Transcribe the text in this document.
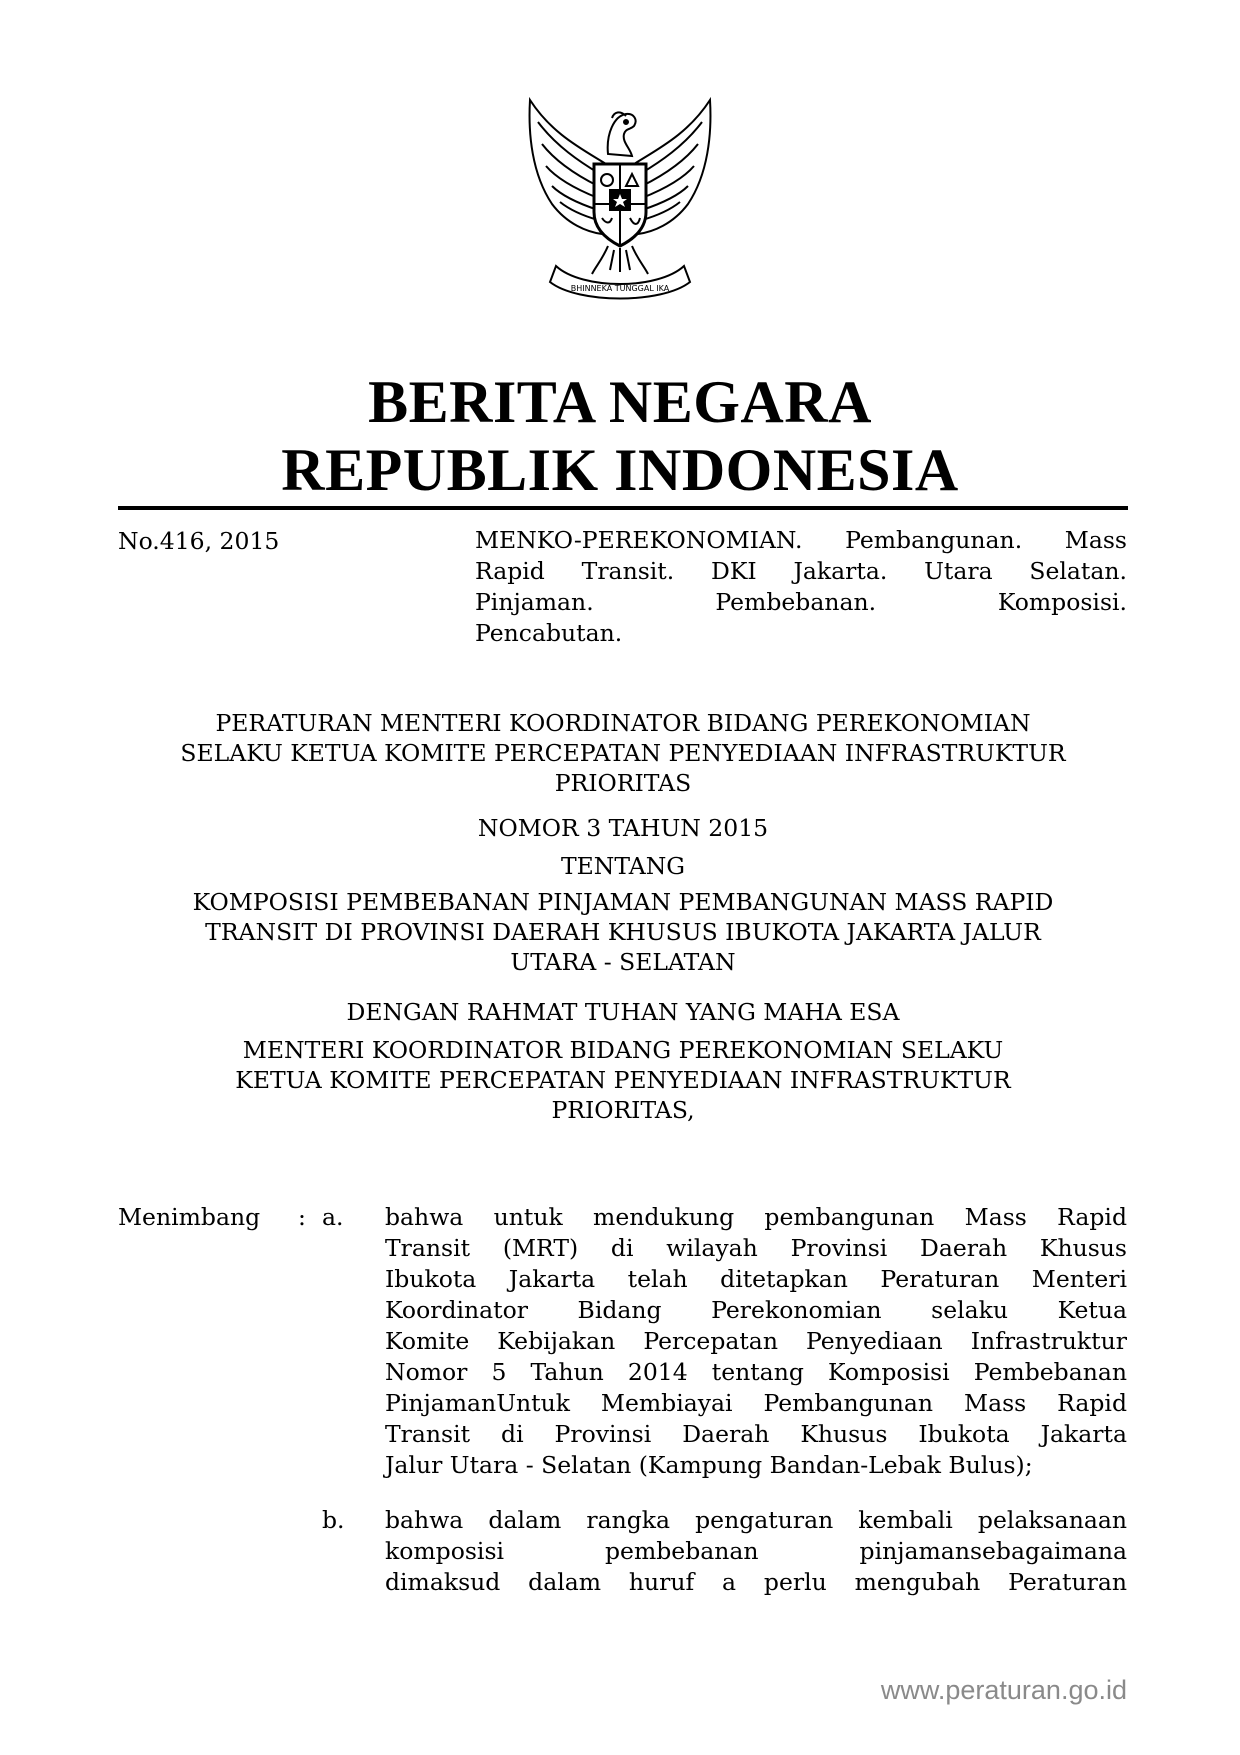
BHINNEKA TUNGGAL IKA
BERITA NEGARA
REPUBLIK INDONESIA
No.416, 2015	MENKO-PEREKONOMIAN. Pembangunan. Mass
Rapid Transit. DKI Jakarta. Utara Selatan.
Pinjaman. Pembebanan. Komposisi.
Pencabutan.
PERATURAN MENTERI KOORDINATOR BIDANG PEREKONOMIAN
SELAKU KETUA KOMITE PERCEPATAN PENYEDIAAN INFRASTRUKTUR
PRIORITAS
NOMOR 3 TAHUN 2015
TENTANG
KOMPOSISI PEMBEBANAN PINJAMAN PEMBANGUNAN MASS RAPID
TRANSIT DI PROVINSI DAERAH KHUSUS IBUKOTA JAKARTA JALUR
UTARA - SELATAN
DENGAN RAHMAT TUHAN YANG MAHA ESA
MENTERI KOORDINATOR BIDANG PEREKONOMIAN SELAKU
KETUA KOMITE PERCEPATAN PENYEDIAAN INFRASTRUKTUR
PRIORITAS,
Menimbang : a. bahwa untuk mendukung pembangunan Mass Rapid
Transit (MRT) di wilayah Provinsi Daerah Khusus
Ibukota Jakarta telah ditetapkan Peraturan Menteri
Koordinator Bidang Perekonomian selaku Ketua
Komite Kebijakan Percepatan Penyediaan Infrastruktur
Nomor 5 Tahun 2014 tentang Komposisi Pembebanan
PinjamanUntuk Membiayai Pembangunan Mass Rapid
Transit di Provinsi Daerah Khusus Ibukota Jakarta
Jalur Utara - Selatan (Kampung Bandan-Lebak Bulus);
b. bahwa dalam rangka pengaturan kembali pelaksanaan
komposisi pembebanan pinjamansebagaimana
dimaksud dalam huruf a perlu mengubah Peraturan
www.peraturan.go.id
